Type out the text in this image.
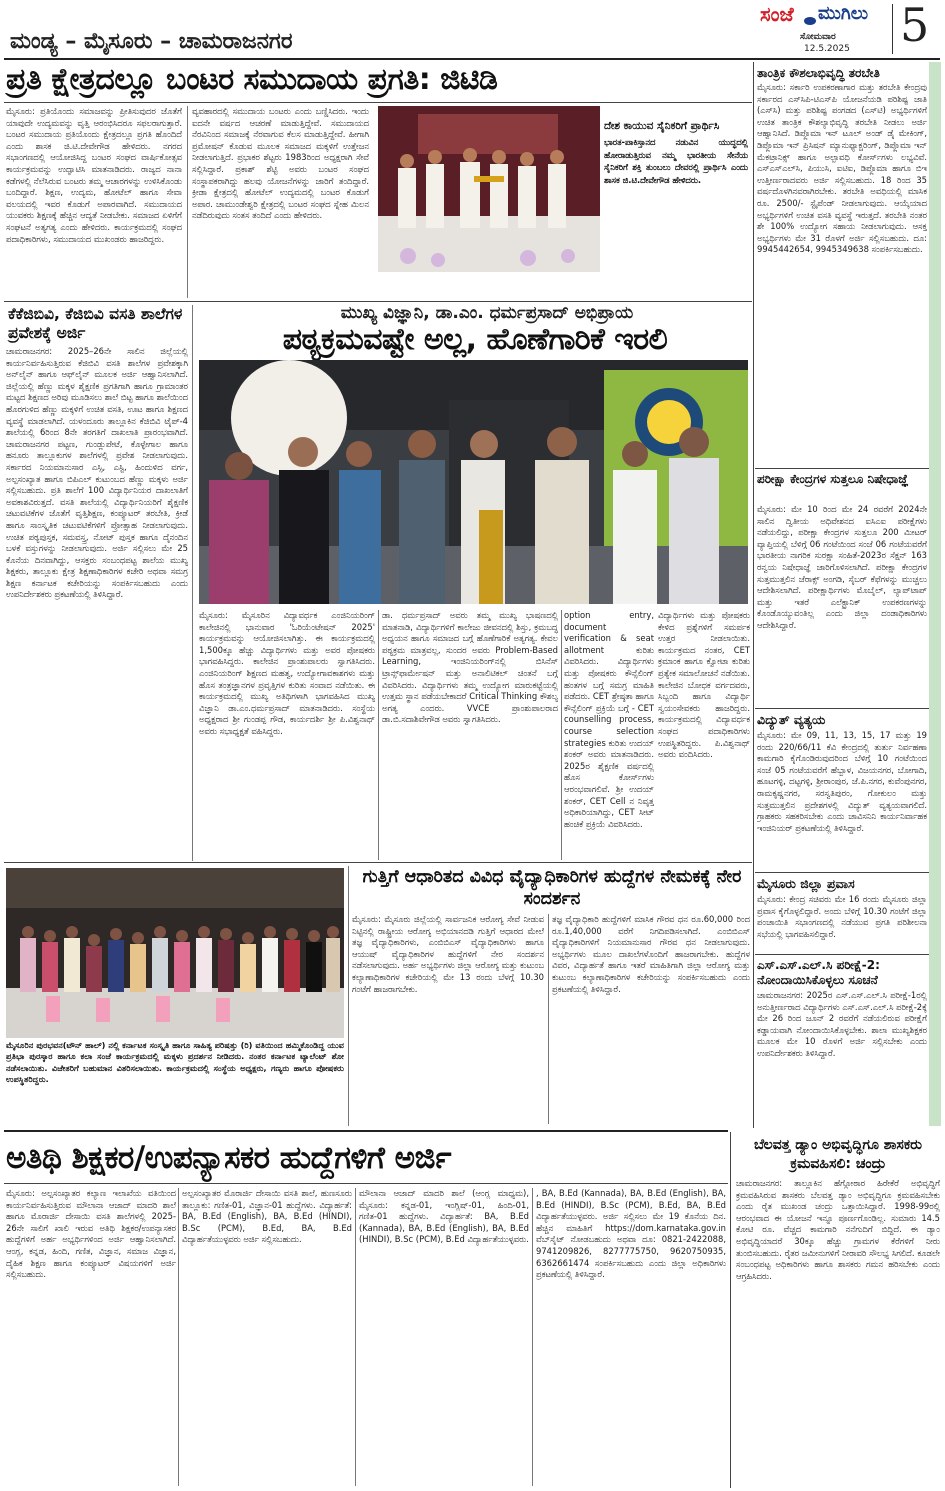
ಮಂಡ್ಯ – ಮೈಸೂರು – ಚಾಮರಾಜನಗರ
ಸಂಜೆ ಮುಗಿಲು
ಸೋಮವಾರ
12.5.2025 5
ಪ್ರತಿ ಕ್ಷೇತ್ರದಲ್ಲೂ ಬಂಟರ ಸಮುದಾಯ ಪ್ರಗತಿ: ಜಿಟಿಡಿ
ಮೈಸೂರು: ಪ್ರತಿಯೊಂದು ಸಮಾಜವನ್ನು ಪ್ರೀತಿಸುವುದರ ಜೊತೆಗೆ ಯಾವುದೇ ಉದ್ಯಮವನ್ನು ವೃತ್ತಿ ಆರಂಭಿಸಿದರೂ ಸಫಲರಾಗುತ್ತಾರೆ. ಬಂಟರ ಸಮುದಾಯ ಪ್ರತಿಯೊಂದು ಕ್ಷೇತ್ರದಲ್ಲೂ ಪ್ರಗತಿ ಹೊಂದಿದೆ ಎಂದು ಶಾಸಕ ಜಿ.ಟಿ.ದೇವೇಗೌಡ ಹೇಳಿದರು. ನಗರದ ಸಭಾಂಗಣದಲ್ಲಿ ಆಯೋಜಿಸಿದ್ದ ಬಂಟರ ಸಂಘದ ವಾರ್ಷಿಕೋತ್ಸವ ಕಾರ್ಯಕ್ರಮವನ್ನು ಉದ್ಘಾಟಿಸಿ ಮಾತನಾಡಿದರು. ರಾಜ್ಯದ ನಾನಾ ಕಡೆಗಳಲ್ಲಿ ನೆಲೆಸಿರುವ ಬಂಟರು ತಮ್ಮ ಆಚಾರಗಳನ್ನು ಉಳಿಸಿಕೊಂಡು ಬಂದಿದ್ದಾರೆ. ಶಿಕ್ಷಣ, ಉದ್ಯಮ, ಹೋಟೆಲ್ ಹಾಗೂ ಸೇವಾ ವಲಯದಲ್ಲಿ ಇವರ ಕೊಡುಗೆ ಅಪಾರವಾಗಿದೆ. ಸಮುದಾಯದ ಯುವಕರು ಶಿಕ್ಷಣಕ್ಕೆ ಹೆಚ್ಚಿನ ಆದ್ಯತೆ ನೀಡಬೇಕು. ಸಮಾಜದ ಏಳಿಗೆಗೆ ಸಂಘಟನೆ ಅತ್ಯಗತ್ಯ ಎಂದು ಹೇಳಿದರು. ಕಾರ್ಯಕ್ರಮದಲ್ಲಿ ಸಂಘದ ಪದಾಧಿಕಾರಿಗಳು, ಸಮುದಾಯದ ಮುಖಂಡರು ಹಾಜರಿದ್ದರು.
ವ್ಯವಹಾರದಲ್ಲಿ ಸಮುದಾಯ ಬಂಟರು ಎಂದು ಬಣ್ಣಿಸಿದರು. ಇಂದು ಐದನೇ ವರ್ಷದ ಆಚರಣೆ ಮಾಡುತ್ತಿದ್ದೇವೆ. ಸಮುದಾಯದ ನೆರವಿನಿಂದ ಸಮಾಜಕ್ಕೆ ನೆರವಾಗುವ ಕೆಲಸ ಮಾಡುತ್ತಿದ್ದೇವೆ. ಹೀಗಾಗಿ ಪ್ರಮೋಷನ್ ಕೊಡುವ ಮೂಲಕ ಸಮಾಜದ ಮಕ್ಕಳಿಗೆ ಉತ್ತೇಜನ ನೀಡಲಾಗುತ್ತಿದೆ. ಪ್ರಭಾಕರ ಶೆಟ್ಟರು 1983ರಿಂದ ಅಧ್ಯಕ್ಷರಾಗಿ ಸೇವೆ ಸಲ್ಲಿಸಿದ್ದಾರೆ. ಪ್ರಕಾಶ್ ಶೆಟ್ಟಿ ಅವರು ಬಂಟರ ಸಂಘದ ಸಂಸ್ಥಾಪಕರಾಗಿದ್ದು ಹಲವು ಯೋಜನೆಗಳನ್ನು ಜಾರಿಗೆ ತಂದಿದ್ದಾರೆ. ಕ್ರೀಡಾ ಕ್ಷೇತ್ರದಲ್ಲಿ ಹೋಟೆಲ್ ಉದ್ಯಮದಲ್ಲಿ ಬಂಟರ ಕೊಡುಗೆ ಅಪಾರ. ಚಾಮುಂಡೇಶ್ವರಿ ಕ್ಷೇತ್ರದಲ್ಲಿ ಬಂಟರ ಸಂಘದ ಸ್ನೇಹ ಮಿಲನ ನಡೆದಿರುವುದು ಸಂತಸ ತಂದಿದೆ ಎಂದು ಹೇಳಿದರು.
ದೇಶ ಕಾಯುವ ಸೈನಿಕರಿಗೆ ಪ್ರಾರ್ಥಿಸಿ
ಭಾರತ-ಪಾಕಿಸ್ತಾನದ ನಡುವಿನ ಯುದ್ಧದಲ್ಲಿ ಹೋರಾಡುತ್ತಿರುವ ನಮ್ಮ ಭಾರತೀಯ ಸೇನೆಯ ಸೈನಿಕರಿಗೆ ಶಕ್ತಿ ತುಂಬಲು ದೇವರಲ್ಲಿ ಪ್ರಾರ್ಥಿಸಿ ಎಂದು ಶಾಸಕ ಜಿ.ಟಿ.ದೇವೇಗೌಡ ಹೇಳಿದರು.
ಕೆಕೆಜಿಬಿವಿ, ಕೆಜಿಬಿವಿ ವಸತಿ ಶಾಲೆಗಳ ಪ್ರವೇಶಕ್ಕೆ ಅರ್ಜಿ
ಚಾಮರಾಜನಗರ: 2025–26ನೇ ಸಾಲಿನ ಜಿಲ್ಲೆಯಲ್ಲಿ ಕಾರ್ಯನಿರ್ವಹಿಸುತ್ತಿರುವ ಕೆಜಿಬಿವಿ ವಸತಿ ಶಾಲೆಗಳ ಪ್ರವೇಶಕ್ಕಾಗಿ ಅನ್‌ಲೈನ್ ಹಾಗೂ ಆಫ್‌ಲೈನ್ ಮೂಲಕ ಅರ್ಜಿ ಆಹ್ವಾನಿಸಲಾಗಿದೆ. ಜಿಲ್ಲೆಯಲ್ಲಿ ಹೆಣ್ಣು ಮಕ್ಕಳ ಶೈಕ್ಷಣಿಕ ಪ್ರಗತಿಗಾಗಿ ಹಾಗೂ ಗ್ರಾಮಾಂತರ ಮಟ್ಟದ ಶಿಕ್ಷಣದ ಅರಿವು ಮೂಡಿಸಲು ಶಾಲೆ ಬಿಟ್ಟ ಹಾಗೂ ಶಾಲೆಯಿಂದ ಹೊರಗುಳಿದ ಹೆಣ್ಣು ಮಕ್ಕಳಿಗೆ ಉಚಿತ ವಸತಿ, ಊಟ ಹಾಗೂ ಶಿಕ್ಷಣದ ವ್ಯವಸ್ಥೆ ಮಾಡಲಾಗಿದೆ. ಯಳಂದೂರು ತಾಲ್ಲೂಕಿನ ಕೆಜಿಬಿವಿ ಟೈಪ್-4 ಶಾಲೆಯಲ್ಲಿ 6ರಿಂದ 8ನೇ ತರಗತಿಗೆ ದಾಖಲಾತಿ ಪ್ರಾರಂಭವಾಗಿದೆ. ಚಾಮರಾಜನಗರ ಪಟ್ಟಣ, ಗುಂಡ್ಲುಪೇಟೆ, ಕೊಳ್ಳೇಗಾಲ ಹಾಗೂ ಹನೂರು ತಾಲ್ಲೂಕುಗಳ ಶಾಲೆಗಳಲ್ಲಿ ಪ್ರವೇಶ ನೀಡಲಾಗುವುದು. ಸರ್ಕಾರದ ನಿಯಮಾನುಸಾರ ಎಸ್ಸಿ, ಎಸ್ಟಿ, ಹಿಂದುಳಿದ ವರ್ಗ, ಅಲ್ಪಸಂಖ್ಯಾತ ಹಾಗೂ ಬಿಪಿಎಲ್ ಕುಟುಂಬದ ಹೆಣ್ಣು ಮಕ್ಕಳು ಅರ್ಜಿ ಸಲ್ಲಿಸಬಹುದು. ಪ್ರತಿ ಶಾಲೆಗೆ 100 ವಿದ್ಯಾರ್ಥಿನಿಯರ ದಾಖಲಾತಿಗೆ ಅವಕಾಶವಿರುತ್ತದೆ. ವಸತಿ ಶಾಲೆಯಲ್ಲಿ ವಿದ್ಯಾರ್ಥಿನಿಯರಿಗೆ ಶೈಕ್ಷಣಿಕ ಚಟುವಟಿಕೆಗಳ ಜೊತೆಗೆ ವೃತ್ತಿಶಿಕ್ಷಣ, ಕಂಪ್ಯೂಟರ್ ತರಬೇತಿ, ಕ್ರೀಡೆ ಹಾಗೂ ಸಾಂಸ್ಕೃತಿಕ ಚಟುವಟಿಕೆಗಳಿಗೆ ಪ್ರೋತ್ಸಾಹ ನೀಡಲಾಗುವುದು. ಉಚಿತ ಪಠ್ಯಪುಸ್ತಕ, ಸಮವಸ್ತ್ರ, ನೋಟ್ ಪುಸ್ತಕ ಹಾಗೂ ದೈನಂದಿನ ಬಳಕೆ ವಸ್ತುಗಳನ್ನು ನೀಡಲಾಗುವುದು. ಅರ್ಜಿ ಸಲ್ಲಿಸಲು ಮೇ 25 ಕೊನೆಯ ದಿನವಾಗಿದ್ದು, ಆಸಕ್ತರು ಸಂಬಂಧಪಟ್ಟ ಶಾಲೆಯ ಮುಖ್ಯ ಶಿಕ್ಷಕರು, ತಾಲ್ಲೂಕು ಕ್ಷೇತ್ರ ಶಿಕ್ಷಣಾಧಿಕಾರಿಗಳ ಕಚೇರಿ ಅಥವಾ ಸಮಗ್ರ ಶಿಕ್ಷಣ ಕರ್ನಾಟಕ ಕಚೇರಿಯನ್ನು ಸಂಪರ್ಕಿಸಬಹುದು ಎಂದು ಉಪನಿರ್ದೇಶಕರು ಪ್ರಕಟಣೆಯಲ್ಲಿ ತಿಳಿಸಿದ್ದಾರೆ.
ಮುಖ್ಯ ವಿಜ್ಞಾನಿ, ಡಾ.ಎಂ. ಧರ್ಮಪ್ರಸಾದ್ ಅಭಿಪ್ರಾಯ
ಪಠ್ಯಕ್ರಮವಷ್ಟೇ ಅಲ್ಲ, ಹೊಣೆಗಾರಿಕೆ ಇರಲಿ
ಮೈಸೂರು: ಮೈಸೂರಿನ ವಿದ್ಯಾವರ್ಧಕ ಎಂಜಿನಿಯರಿಂಗ್ ಕಾಲೇಜಿನಲ್ಲಿ ಭಾನುವಾರ 'ಓರಿಯೆಂಟೇಷನ್ 2025' ಕಾರ್ಯಕ್ರಮವನ್ನು ಆಯೋಜಿಸಲಾಗಿತ್ತು. ಈ ಕಾರ್ಯಕ್ರಮದಲ್ಲಿ 1,500ಕ್ಕೂ ಹೆಚ್ಚು ವಿದ್ಯಾರ್ಥಿಗಳು ಮತ್ತು ಅವರ ಪೋಷಕರು ಭಾಗವಹಿಸಿದ್ದರು. ಕಾಲೇಜಿನ ಪ್ರಾಂಶುಪಾಲರು ಸ್ವಾಗತಿಸಿದರು. ಎಂಜಿನಿಯರಿಂಗ್ ಶಿಕ್ಷಣದ ಮಹತ್ವ, ಉದ್ಯೋಗಾವಕಾಶಗಳು ಮತ್ತು ಹೊಸ ತಂತ್ರಜ್ಞಾನಗಳ ಪ್ರವೃತ್ತಿಗಳ ಕುರಿತು ಸಂವಾದ ನಡೆಯಿತು. ಈ ಕಾರ್ಯಕ್ರಮದಲ್ಲಿ ಮುಖ್ಯ ಅತಿಥಿಗಳಾಗಿ ಭಾಗವಹಿಸಿದ ಮುಖ್ಯ ವಿಜ್ಞಾನಿ ಡಾ.ಎಂ.ಧರ್ಮಪ್ರಸಾದ್ ಮಾತನಾಡಿದರು. ಸಂಸ್ಥೆಯ ಅಧ್ಯಕ್ಷರಾದ ಶ್ರೀ ಗುಂಡಪ್ಪ ಗೌಡ, ಕಾರ್ಯದರ್ಶಿ ಶ್ರೀ ಪಿ.ವಿಶ್ವನಾಥ್ ಅವರು ಸಭಾಧ್ಯಕ್ಷತೆ ವಹಿಸಿದ್ದರು.
ಡಾ. ಧರ್ಮಪ್ರಸಾದ್ ಅವರು ತಮ್ಮ ಮುಖ್ಯ ಭಾಷಣದಲ್ಲಿ ಮಾತನಾಡಿ, ವಿದ್ಯಾರ್ಥಿಗಳಿಗೆ ಕಾಲೇಜು ಜೀವನದಲ್ಲಿ ಶಿಸ್ತು, ಕ್ರಮಬದ್ಧ ಅಧ್ಯಯನ ಹಾಗೂ ಸಮಾಜದ ಬಗ್ಗೆ ಹೊಣೆಗಾರಿಕೆ ಅತ್ಯಗತ್ಯ. ಕೇವಲ ಪಠ್ಯಕ್ರಮ ಮಾತ್ರವಲ್ಲ, ಸುಂದರ ಅವರು Problem-Based Learning, ಇಂಜಿನಿಯರಿಂಗ್‌ನಲ್ಲಿ ಬಿಸಿನೆಸ್ ಟ್ರಾನ್ಸ್‌ಫಾರ್ಮೇಷನ್ ಮತ್ತು ಅನಾಲಿಟಿಕಲ್ ಚಿಂತನೆ ಬಗ್ಗೆ ವಿವರಿಸಿದರು. ವಿದ್ಯಾರ್ಥಿಗಳು ತಮ್ಮ ಉದ್ಯೋಗ ಮಾರುಕಟ್ಟೆಯಲ್ಲಿ ಉತ್ತಮ ಸ್ಥಾನ ಪಡೆಯಬೇಕಾದರೆ Critical Thinking ಕೌಶಲ್ಯ ಅಗತ್ಯ ಎಂದರು. VVCE ಪ್ರಾಂಶುಪಾಲರಾದ ಡಾ.ಬಿ.ಸದಾಶಿವೇಗೌಡ ಅವರು ಸ್ವಾಗತಿಸಿದರು.
option entry, document verification & seat allotment ಕುರಿತು ವಿವರಿಸಿದರು. ವಿದ್ಯಾರ್ಥಿಗಳು ಮತ್ತು ಪೋಷಕರು ಕೌನ್ಸೆಲಿಂಗ್ ಹಂತಗಳ ಬಗ್ಗೆ ಸಮಗ್ರ ಮಾಹಿತಿ ಪಡೆದರು. CET ಶ್ರೇಷ್ಠತಾ ಹಾಗೂ ಕೌನ್ಸೆಲಿಂಗ್ ಪ್ರಕ್ರಿಯೆ ಬಗ್ಗೆ - CET counselling process, course selection strategies ಕುರಿತು ಉದಯ್ ಶಂಕರ್ ಅವರು ಮಾತನಾಡಿದರು. 2025ರ ಶೈಕ್ಷಣಿಕ ವರ್ಷದಲ್ಲಿ ಹೊಸ ಕೋರ್ಸ್‌ಗಳು ಆರಂಭವಾಗಲಿವೆ. ಶ್ರೀ ಉದಯ್ ಶಂಕರ್, CET Cell ನ ನಿವೃತ್ತ ಅಧಿಕಾರಿಯಾಗಿದ್ದು, CET ಸೀಟ್ ಹಂಚಿಕೆ ಪ್ರಕ್ರಿಯೆ ವಿವರಿಸಿದರು.
ವಿದ್ಯಾರ್ಥಿಗಳು ಮತ್ತು ಪೋಷಕರು ಕೇಳಿದ ಪ್ರಶ್ನೆಗಳಿಗೆ ಸಮರ್ಪಕ ಉತ್ತರ ನೀಡಲಾಯಿತು. ಕಾರ್ಯಕ್ರಮದ ನಂತರ, CET ಕ್ರಮಾಂಕ ಹಾಗೂ ಕ್ವೋಟಾ ಕುರಿತು ಪ್ರತ್ಯೇಕ ಸಮಾಲೋಚನೆ ನಡೆಯಿತು. ಕಾಲೇಜಿನ ಬೋಧಕ ವರ್ಗದವರು, ಸಿಬ್ಬಂದಿ ಹಾಗೂ ವಿದ್ಯಾರ್ಥಿ ಸ್ವಯಂಸೇವಕರು ಹಾಜರಿದ್ದರು. ಕಾರ್ಯಕ್ರಮದಲ್ಲಿ ವಿದ್ಯಾವರ್ಧಕ ಸಂಘದ ಪದಾಧಿಕಾರಿಗಳು ಉಪಸ್ಥಿತರಿದ್ದರು. ಪಿ.ವಿಶ್ವನಾಥ್ ಅವರು ವಂದಿಸಿದರು.
ಮೈಸೂರಿನ ಪುರಭವನ(ಟೌನ್ ಹಾಲ್) ನಲ್ಲಿ ಕರ್ನಾಟಕ ಸಂಸ್ಕೃತಿ ಹಾಗೂ ಸಾಹಿತ್ಯ ಪರಿಷತ್ತು (ರಿ) ವತಿಯಿಂದ ಹಮ್ಮಿಕೊಂಡಿದ್ದ ಯುವ ಪ್ರತಿಭಾ ಪುರಸ್ಕಾರ ಹಾಗೂ ಕಲಾ ಸಂಜೆ ಕಾರ್ಯಕ್ರಮದಲ್ಲಿ ಮಕ್ಕಳು ಪ್ರದರ್ಶನ ನೀಡಿದರು. ನಂತರ ಕರ್ನಾಟಕ ಟ್ಯಾಲೆಂಟ್ ಶೋ ನಡೆಸಲಾಯಿತು. ವಿಜೇತರಿಗೆ ಬಹುಮಾನ ವಿತರಿಸಲಾಯಿತು. ಕಾರ್ಯಕ್ರಮದಲ್ಲಿ ಸಂಸ್ಥೆಯ ಅಧ್ಯಕ್ಷರು, ಗಣ್ಯರು ಹಾಗೂ ಪೋಷಕರು ಉಪಸ್ಥಿತರಿದ್ದರು.
ಗುತ್ತಿಗೆ ಆಧಾರಿತದ ವಿವಿಧ ವೈದ್ಯಾಧಿಕಾರಿಗಳ ಹುದ್ದೆಗಳ ನೇಮಕಕ್ಕೆ ನೇರ ಸಂದರ್ಶನ
ಮೈಸೂರು: ಮೈಸೂರು ಜಿಲ್ಲೆಯಲ್ಲಿ ಸಾರ್ವಜನಿಕ ಆರೋಗ್ಯ ಸೇವೆ ನೀಡುವ ನಿಟ್ಟಿನಲ್ಲಿ ರಾಷ್ಟ್ರೀಯ ಆರೋಗ್ಯ ಅಭಿಯಾನದಡಿ ಗುತ್ತಿಗೆ ಆಧಾರದ ಮೇಲೆ ತಜ್ಞ ವೈದ್ಯಾಧಿಕಾರಿಗಳು, ಎಂಬಿಬಿಎಸ್ ವೈದ್ಯಾಧಿಕಾರಿಗಳು ಹಾಗೂ ಆಯುಷ್ ವೈದ್ಯಾಧಿಕಾರಿಗಳ ಹುದ್ದೆಗಳಿಗೆ ನೇರ ಸಂದರ್ಶನ ನಡೆಸಲಾಗುವುದು. ಅರ್ಹ ಅಭ್ಯರ್ಥಿಗಳು ಜಿಲ್ಲಾ ಆರೋಗ್ಯ ಮತ್ತು ಕುಟುಂಬ ಕಲ್ಯಾಣಾಧಿಕಾರಿಗಳ ಕಚೇರಿಯಲ್ಲಿ ಮೇ 13 ರಂದು ಬೆಳಗ್ಗೆ 10.30 ಗಂಟೆಗೆ ಹಾಜರಾಗಬೇಕು.
ತಜ್ಞ ವೈದ್ಯಾಧಿಕಾರಿ ಹುದ್ದೆಗಳಿಗೆ ಮಾಸಿಕ ಗೌರವ ಧನ ರೂ.60,000 ರಿಂದ ರೂ.1,40,000 ವರೆಗೆ ನಿಗದಿಪಡಿಸಲಾಗಿದೆ. ಎಂಬಿಬಿಎಸ್ ವೈದ್ಯಾಧಿಕಾರಿಗಳಿಗೆ ನಿಯಮಾನುಸಾರ ಗೌರವ ಧನ ನೀಡಲಾಗುವುದು. ಅಭ್ಯರ್ಥಿಗಳು ಮೂಲ ದಾಖಲೆಗಳೊಂದಿಗೆ ಹಾಜರಾಗಬೇಕು. ಹುದ್ದೆಗಳ ವಿವರ, ವಿದ್ಯಾರ್ಹತೆ ಹಾಗೂ ಇತರೆ ಮಾಹಿತಿಗಾಗಿ ಜಿಲ್ಲಾ ಆರೋಗ್ಯ ಮತ್ತು ಕುಟುಂಬ ಕಲ್ಯಾಣಾಧಿಕಾರಿಗಳ ಕಚೇರಿಯನ್ನು ಸಂಪರ್ಕಿಸಬಹುದು ಎಂದು ಪ್ರಕಟಣೆಯಲ್ಲಿ ತಿಳಿಸಿದ್ದಾರೆ.
ಅತಿಥಿ ಶಿಕ್ಷಕರ/ಉಪನ್ಯಾಸಕರ ಹುದ್ದೆಗಳಿಗೆ ಅರ್ಜಿ
ಮೈಸೂರು: ಅಲ್ಪಸಂಖ್ಯಾತರ ಕಲ್ಯಾಣ ಇಲಾಖೆಯ ವತಿಯಿಂದ ಕಾರ್ಯನಿರ್ವಹಿಸುತ್ತಿರುವ ಮೌಲಾನಾ ಆಜಾದ್ ಮಾದರಿ ಶಾಲೆ ಹಾಗೂ ಮೊರಾರ್ಜಿ ದೇಸಾಯಿ ವಸತಿ ಶಾಲೆಗಳಲ್ಲಿ 2025-26ನೇ ಸಾಲಿಗೆ ಖಾಲಿ ಇರುವ ಅತಿಥಿ ಶಿಕ್ಷಕರ/ಉಪನ್ಯಾಸಕರ ಹುದ್ದೆಗಳಿಗೆ ಅರ್ಹ ಅಭ್ಯರ್ಥಿಗಳಿಂದ ಅರ್ಜಿ ಆಹ್ವಾನಿಸಲಾಗಿದೆ. ಆಂಗ್ಲ, ಕನ್ನಡ, ಹಿಂದಿ, ಗಣಿತ, ವಿಜ್ಞಾನ, ಸಮಾಜ ವಿಜ್ಞಾನ, ದೈಹಿಕ ಶಿಕ್ಷಣ ಹಾಗೂ ಕಂಪ್ಯೂಟರ್ ವಿಷಯಗಳಿಗೆ ಅರ್ಜಿ ಸಲ್ಲಿಸಬಹುದು.
ಅಲ್ಪಸಂಖ್ಯಾತರ ಮೊರಾರ್ಜಿ ದೇಸಾಯಿ ವಸತಿ ಶಾಲೆ, ಹುಣಸೂರು ತಾಲ್ಲೂಕು: ಗಣಿತ-01, ವಿಜ್ಞಾನ-01 ಹುದ್ದೆಗಳು. ವಿದ್ಯಾರ್ಹತೆ: BA, B.Ed (English), BA, B.Ed (HINDI), B.Sc (PCM), B.Ed, BA, B.Ed ವಿದ್ಯಾರ್ಹತೆಯುಳ್ಳವರು ಅರ್ಜಿ ಸಲ್ಲಿಸಬಹುದು.
ಮೌಲಾನಾ ಆಜಾದ್ ಮಾದರಿ ಶಾಲೆ (ಆಂಗ್ಲ ಮಾಧ್ಯಮ), ಮೈಸೂರು: ಕನ್ನಡ-01, ಇಂಗ್ಲಿಷ್-01, ಹಿಂದಿ-01, ಗಣಿತ-01 ಹುದ್ದೆಗಳು. ವಿದ್ಯಾರ್ಹತೆ: BA, B.Ed (Kannada), BA, B.Ed (English), BA, B.Ed (HINDI), B.Sc (PCM), B.Ed ವಿದ್ಯಾರ್ಹತೆಯುಳ್ಳವರು.
, BA, B.Ed (Kannada), BA, B.Ed (English), BA, B.Ed (HINDI), B.Sc (PCM), B.Ed, BA, B.Ed ವಿದ್ಯಾರ್ಹತೆಯುಳ್ಳವರು. ಅರ್ಜಿ ಸಲ್ಲಿಸಲು ಮೇ 19 ಕೊನೆಯ ದಿನ. ಹೆಚ್ಚಿನ ಮಾಹಿತಿಗೆ https://dom.karnataka.gov.in ವೆಬ್‌ಸೈಟ್ ನೋಡಬಹುದು ಅಥವಾ ದೂ: 0821-2422088, 9741209826, 8277775750, 9620750935, 6362661474 ಸಂಪರ್ಕಿಸಬಹುದು ಎಂದು ಜಿಲ್ಲಾ ಅಧಿಕಾರಿಗಳು ಪ್ರಕಟಣೆಯಲ್ಲಿ ತಿಳಿಸಿದ್ದಾರೆ.
ತಾಂತ್ರಿಕ ಕೌಶಲಾಭಿವೃದ್ಧಿ ತರಬೇತಿ
ಮೈಸೂರು: ಸರ್ಕಾರಿ ಉಪಕರಣಾಗಾರ ಮತ್ತು ತರಬೇತಿ ಕೇಂದ್ರವು ಸರ್ಕಾರದ ಎಸ್‌ಸಿಪಿ-ಟಿಎಸ್‌ಪಿ ಯೋಜನೆಯಡಿ ಪರಿಶಿಷ್ಟ ಜಾತಿ (ಎಸ್‌ಸಿ) ಮತ್ತು ಪರಿಶಿಷ್ಟ ಪಂಗಡದ (ಎಸ್‌ಟಿ) ಅಭ್ಯರ್ಥಿಗಳಿಗೆ ಉಚಿತ ತಾಂತ್ರಿಕ ಕೌಶಲ್ಯಾಭಿವೃದ್ಧಿ ತರಬೇತಿ ನೀಡಲು ಅರ್ಜಿ ಆಹ್ವಾನಿಸಿದೆ. ಡಿಪ್ಲೊಮಾ ಇನ್ ಟೂಲ್ ಅಂಡ್ ಡೈ ಮೇಕಿಂಗ್, ಡಿಪ್ಲೊಮಾ ಇನ್ ಪ್ರಿಸಿಷನ್ ಮ್ಯಾನುಫ್ಯಾಕ್ಚರಿಂಗ್, ಡಿಪ್ಲೊಮಾ ಇನ್ ಮೆಕಟ್ರಾನಿಕ್ಸ್ ಹಾಗೂ ಅಲ್ಪಾವಧಿ ಕೋರ್ಸ್‌ಗಳು ಲಭ್ಯವಿವೆ. ಎಸ್‌ಎಸ್‌ಎಲ್‌ಸಿ, ಪಿಯುಸಿ, ಐಟಿಐ, ಡಿಪ್ಲೊಮಾ ಹಾಗೂ ಬಿಇ ಉತ್ತೀರ್ಣರಾದವರು ಅರ್ಜಿ ಸಲ್ಲಿಸಬಹುದು. 18 ರಿಂದ 35 ವರ್ಷದೊಳಗಿನವರಾಗಿರಬೇಕು. ತರಬೇತಿ ಅವಧಿಯಲ್ಲಿ ಮಾಸಿಕ ರೂ. 2500/- ಸ್ಟೈಪೆಂಡ್ ನೀಡಲಾಗುವುದು. ಆಯ್ಕೆಯಾದ ಅಭ್ಯರ್ಥಿಗಳಿಗೆ ಉಚಿತ ವಸತಿ ವ್ಯವಸ್ಥೆ ಇರುತ್ತದೆ. ತರಬೇತಿ ನಂತರ ಶೇ 100% ಉದ್ಯೋಗ ಸಹಾಯ ನೀಡಲಾಗುವುದು. ಆಸಕ್ತ ಅಭ್ಯರ್ಥಿಗಳು ಮೇ 31 ರೊಳಗೆ ಅರ್ಜಿ ಸಲ್ಲಿಸಬಹುದು. ದೂ: 9945442654, 9945349638 ಸಂಪರ್ಕಿಸಬಹುದು.
ಪರೀಕ್ಷಾ ಕೇಂದ್ರಗಳ ಸುತ್ತಲೂ ನಿಷೇಧಾಜ್ಞೆ
ಮೈಸೂರು: ಮೇ 10 ರಿಂದ ಮೇ 24 ರವರೆಗೆ 2024ನೇ ಸಾಲಿನ ದ್ವಿತೀಯ ಅಧಿವೇಶನದ ಐಸಿಎಐ ಪರೀಕ್ಷೆಗಳು ನಡೆಯಲಿದ್ದು, ಪರೀಕ್ಷಾ ಕೇಂದ್ರಗಳ ಸುತ್ತಲೂ 200 ಮೀಟರ್ ವ್ಯಾಪ್ತಿಯಲ್ಲಿ ಬೆಳಿಗ್ಗೆ 06 ಗಂಟೆಯಿಂದ ಸಂಜೆ 06 ಗಂಟೆಯವರೆಗೆ ಭಾರತೀಯ ನಾಗರಿಕ ಸುರಕ್ಷಾ ಸಂಹಿತೆ-2023ರ ಸೆಕ್ಷನ್ 163 ರನ್ವಯ ನಿಷೇಧಾಜ್ಞೆ ಜಾರಿಗೊಳಿಸಲಾಗಿದೆ. ಪರೀಕ್ಷಾ ಕೇಂದ್ರಗಳ ಸುತ್ತಮುತ್ತಲಿನ ಜೆರಾಕ್ಸ್ ಅಂಗಡಿ, ಸೈಬರ್ ಕೆಫೆಗಳನ್ನು ಮುಚ್ಚಲು ಆದೇಶಿಸಲಾಗಿದೆ. ಪರೀಕ್ಷಾರ್ಥಿಗಳು ಮೊಬೈಲ್, ಲ್ಯಾಪ್‌ಟಾಪ್ ಮತ್ತು ಇತರೆ ಎಲೆಕ್ಟ್ರಾನಿಕ್ ಉಪಕರಣಗಳನ್ನು ಕೊಂಡೊಯ್ಯುವಂತಿಲ್ಲ ಎಂದು ಜಿಲ್ಲಾ ದಂಡಾಧಿಕಾರಿಗಳು ಆದೇಶಿಸಿದ್ದಾರೆ.
ವಿದ್ಯುತ್ ವ್ಯತ್ಯಯ
ಮೈಸೂರು: ಮೇ 09, 11, 13, 15, 17 ಮತ್ತು 19 ರಂದು 220/66/11 ಕೆವಿ ಕೇಂದ್ರದಲ್ಲಿ ತುರ್ತು ನಿರ್ವಹಣಾ ಕಾಮಗಾರಿ ಕೈಗೊಂಡಿರುವುದರಿಂದ ಬೆಳಿಗ್ಗೆ 10 ಗಂಟೆಯಿಂದ ಸಂಜೆ 05 ಗಂಟೆಯವರೆಗೆ ಹೆಬ್ಬಾಳ, ವಿಜಯನಗರ, ಬೋಗಾದಿ, ಹೂಟಗಳ್ಳಿ, ದಟ್ಟಗಳ್ಳಿ, ಶ್ರೀರಾಂಪುರ, ಜೆ.ಪಿ.ನಗರ, ಕುವೆಂಪುನಗರ, ರಾಮಕೃಷ್ಣನಗರ, ಸರಸ್ವತಿಪುರಂ, ಗೋಕುಲಂ ಮತ್ತು ಸುತ್ತಮುತ್ತಲಿನ ಪ್ರದೇಶಗಳಲ್ಲಿ ವಿದ್ಯುತ್ ವ್ಯತ್ಯಯವಾಗಲಿದೆ. ಗ್ರಾಹಕರು ಸಹಕರಿಸಬೇಕು ಎಂದು ಚಾವಿಸನಿನಿ ಕಾರ್ಯನಿರ್ವಾಹಕ ಇಂಜಿನಿಯರ್ ಪ್ರಕಟಣೆಯಲ್ಲಿ ತಿಳಿಸಿದ್ದಾರೆ.
ಮೈಸೂರು ಜಿಲ್ಲಾ ಪ್ರವಾಸ
ಮೈಸೂರು: ಕೇಂದ್ರ ಸಚಿವರು ಮೇ 16 ರಂದು ಮೈಸೂರು ಜಿಲ್ಲಾ ಪ್ರವಾಸ ಕೈಗೊಳ್ಳಲಿದ್ದಾರೆ. ಅಂದು ಬೆಳಿಗ್ಗೆ 10.30 ಗಂಟೆಗೆ ಜಿಲ್ಲಾ ಪಂಚಾಯಿತಿ ಸಭಾಂಗಣದಲ್ಲಿ ನಡೆಯುವ ಪ್ರಗತಿ ಪರಿಶೀಲನಾ ಸಭೆಯಲ್ಲಿ ಭಾಗವಹಿಸಲಿದ್ದಾರೆ.
ಎಸ್.ಎಸ್.ಎಲ್.ಸಿ ಪರೀಕ್ಷೆ-2: ನೋಂದಾಯಿಸಿಕೊಳ್ಳಲು ಸೂಚನೆ
ಚಾಮರಾಜನಗರ: 2025ರ ಎಸ್.ಎಸ್.ಎಲ್.ಸಿ ಪರೀಕ್ಷೆ-1ರಲ್ಲಿ ಅನುತ್ತೀರ್ಣರಾದ ವಿದ್ಯಾರ್ಥಿಗಳು ಎಸ್.ಎಸ್.ಎಲ್.ಸಿ ಪರೀಕ್ಷೆ-2ಕ್ಕೆ ಮೇ 26 ರಿಂದ ಜೂನ್ 2 ರವರೆಗೆ ನಡೆಯಲಿರುವ ಪರೀಕ್ಷೆಗೆ ಕಡ್ಡಾಯವಾಗಿ ನೋಂದಾಯಿಸಿಕೊಳ್ಳಬೇಕು. ಶಾಲಾ ಮುಖ್ಯಶಿಕ್ಷಕರ ಮೂಲಕ ಮೇ 10 ರೊಳಗೆ ಅರ್ಜಿ ಸಲ್ಲಿಸಬೇಕು ಎಂದು ಉಪನಿರ್ದೇಶಕರು ತಿಳಿಸಿದ್ದಾರೆ.
ಬೆಲವತ್ತ ಡ್ಯಾಂ ಅಭಿವೃದ್ಧಿಗೂ ಶಾಸಕರು ಕ್ರಮವಹಿಸಲಿ: ಚಂದ್ರು
ಚಾಮರಾಜನಗರ: ತಾಲ್ಲೂಕಿನ ಹೆಗ್ಗೋಠಾರ ಹಿರೇಕೆರೆ ಅಭಿವೃದ್ಧಿಗೆ ಕ್ರಮವಹಿಸಿರುವ ಶಾಸಕರು ಬೆಲವತ್ತ ಡ್ಯಾಂ ಅಭಿವೃದ್ಧಿಗೂ ಕ್ರಮವಹಿಸಬೇಕು ಎಂದು ರೈತ ಮುಖಂಡ ಚಂದ್ರು ಒತ್ತಾಯಿಸಿದ್ದಾರೆ. 1998-99ರಲ್ಲಿ ಆರಂಭವಾದ ಈ ಯೋಜನೆ ಇನ್ನೂ ಪೂರ್ಣಗೊಂಡಿಲ್ಲ. ಸುಮಾರು 14.5 ಕೋಟಿ ರೂ. ವೆಚ್ಚದ ಕಾಮಗಾರಿ ನನೆಗುದಿಗೆ ಬಿದ್ದಿದೆ. ಈ ಡ್ಯಾಂ ಅಭಿವೃದ್ಧಿಯಾದರೆ 30ಕ್ಕೂ ಹೆಚ್ಚು ಗ್ರಾಮಗಳ ಕೆರೆಗಳಿಗೆ ನೀರು ತುಂಬಿಸಬಹುದು. ರೈತರ ಜಮೀನುಗಳಿಗೆ ನೀರಾವರಿ ಸೌಲಭ್ಯ ಸಿಗಲಿದೆ. ಕೂಡಲೇ ಸಂಬಂಧಪಟ್ಟ ಅಧಿಕಾರಿಗಳು ಹಾಗೂ ಶಾಸಕರು ಗಮನ ಹರಿಸಬೇಕು ಎಂದು ಆಗ್ರಹಿಸಿದರು.
